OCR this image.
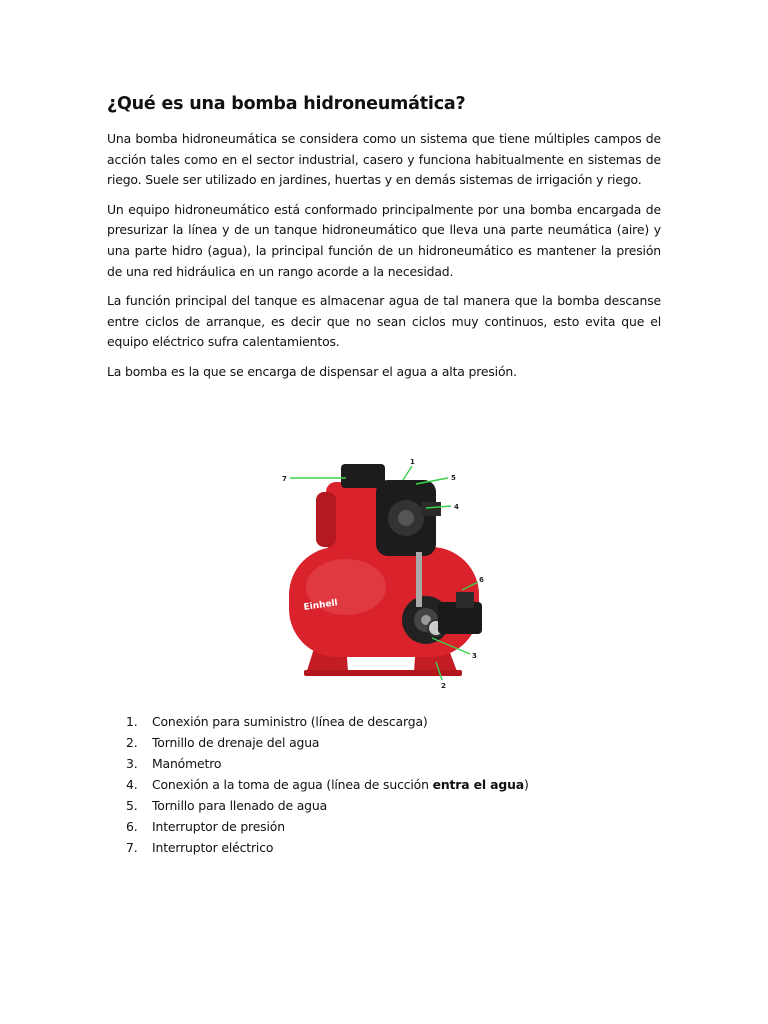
¿Qué es una bomba hidroneumática?

Una bomba hidroneumática se considera como un sistema que tiene múltiples campos de acción tales como en el sector industrial, casero y funciona habitualmente en sistemas de riego. Suele ser utilizado en jardines, huertas y en demás sistemas de irrigación y riego.

Un equipo hidroneumático está conformado principalmente por una bomba encargada de presurizar la línea y de un tanque hidroneumático que lleva una parte neumática (aire) y una parte hidro (agua), la principal función de un hidroneumático es mantener la presión de una red hidráulica en un rango acorde a la necesidad.

La función principal del tanque es almacenar agua de tal manera que la bomba descanse entre ciclos de arranque, es decir que no sean ciclos muy continuos, esto evita que el equipo eléctrico sufra calentamientos.

La bomba es la que se encarga de dispensar el agua a alta presión.

Einhell
1
2
3
4
5
6
7
1.	Conexión para suministro (línea de descarga)
2.	Tornillo de drenaje del agua
3.	Manómetro
4.	Conexión a la toma de agua (línea de succión entra el agua)
5.	Tornillo para llenado de agua
6.	Interruptor de presión
7.	Interruptor eléctrico
